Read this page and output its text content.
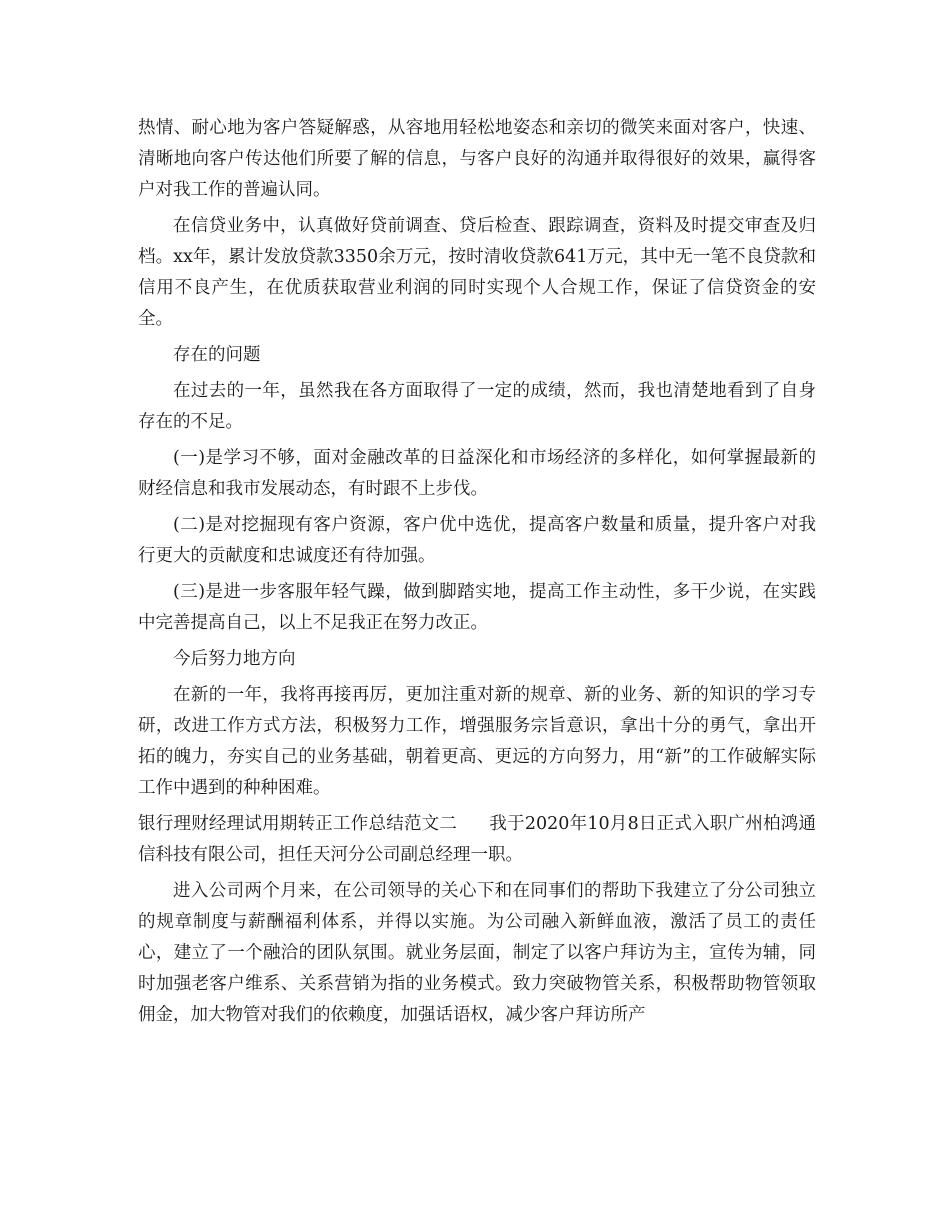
热情、耐心地为客户答疑解惑，从容地用轻松地姿态和亲切的微笑来面对客户，快速、清晰地向客户传达他们所要了解的信息，与客户良好的沟通并取得很好的效果，赢得客户对我工作的普遍认同。

在信贷业务中，认真做好贷前调查、贷后检查、跟踪调查，资料及时提交审查及归档。xx年，累计发放贷款3350余万元，按时清收贷款641万元，其中无一笔不良贷款和信用不良产生，在优质获取营业利润的同时实现个人合规工作，保证了信贷资金的安全。

存在的问题

在过去的一年，虽然我在各方面取得了一定的成绩，然而，我也清楚地看到了自身存在的不足。

(一)是学习不够，面对金融改革的日益深化和市场经济的多样化，如何掌握最新的财经信息和我市发展动态，有时跟不上步伐。

(二)是对挖掘现有客户资源，客户优中选优，提高客户数量和质量，提升客户对我行更大的贡献度和忠诚度还有待加强。

(三)是进一步客服年轻气躁，做到脚踏实地，提高工作主动性，多干少说，在实践中完善提高自己，以上不足我正在努力改正。

今后努力地方向

在新的一年，我将再接再厉，更加注重对新的规章、新的业务、新的知识的学习专研，改进工作方式方法，积极努力工作，增强服务宗旨意识，拿出十分的勇气，拿出开拓的魄力，夯实自己的业务基础，朝着更高、更远的方向努力，用“新”的工作破解实际工作中遇到的种种困难。

银行理财经理试用期转正工作总结范文二 我于2020年10月8日正式入职广州柏鸿通信科技有限公司，担任天河分公司副总经理一职。

进入公司两个月来，在公司领导的关心下和在同事们的帮助下我建立了分公司独立的规章制度与薪酬福利体系，并得以实施。为公司融入新鲜血液，激活了员工的责任心，建立了一个融洽的团队氛围。就业务层面，制定了以客户拜访为主，宣传为辅，同时加强老客户维系、关系营销为指的业务模式。致力突破物管关系，积极帮助物管领取佣金，加大物管对我们的依赖度，加强话语权，减少客户拜访所产
